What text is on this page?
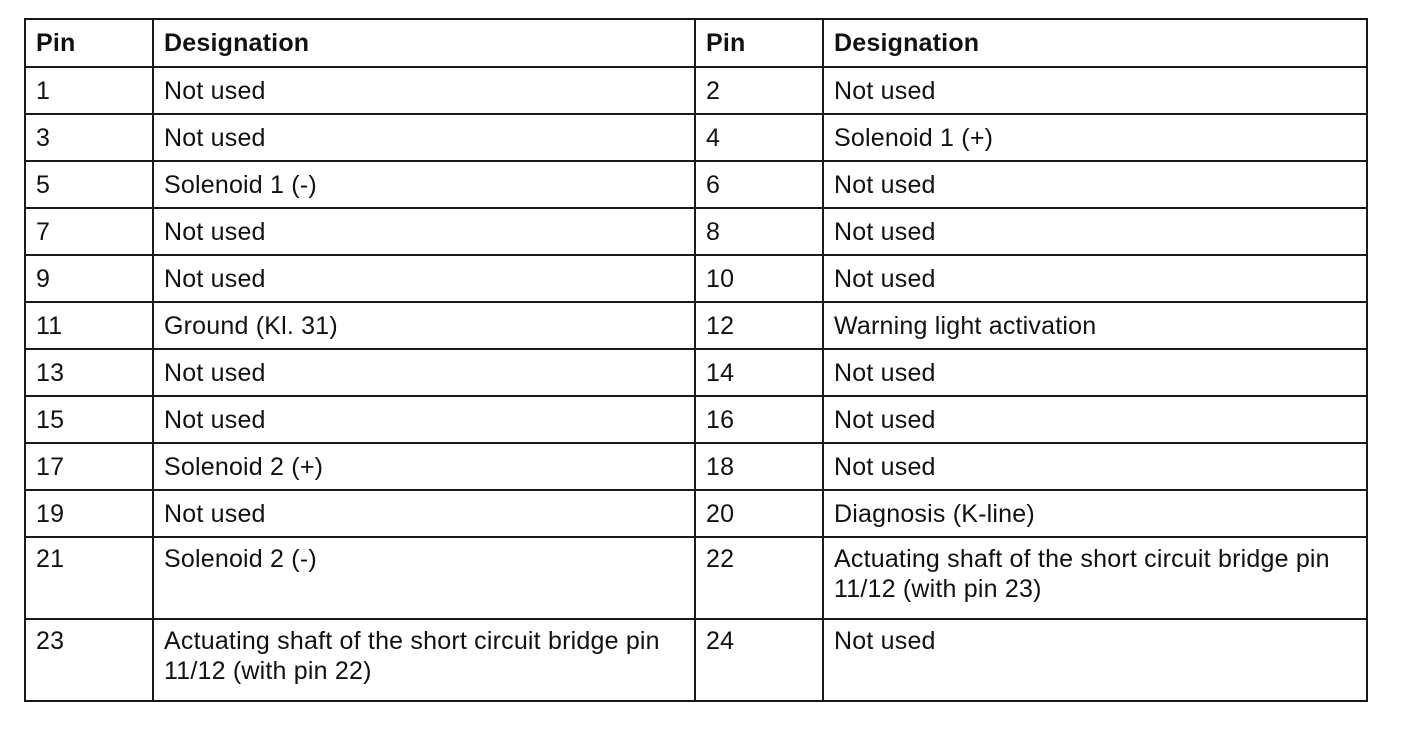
Pin	Designation	Pin	Designation
1	Not used	2	Not used
3	Not used	4	Solenoid 1 (+)
5	Solenoid 1 (-)	6	Not used
7	Not used	8	Not used
9	Not used	10	Not used
11	Ground (Kl. 31)	12	Warning light activation
13	Not used	14	Not used
15	Not used	16	Not used
17	Solenoid 2 (+)	18	Not used
19	Not used	20	Diagnosis (K-line)
21	Solenoid 2 (-)	22	Actuating shaft of the short circuit bridge pin 11/12 (with pin 23)
23	Actuating shaft of the short circuit bridge pin 11/12 (with pin 22)	24	Not used
